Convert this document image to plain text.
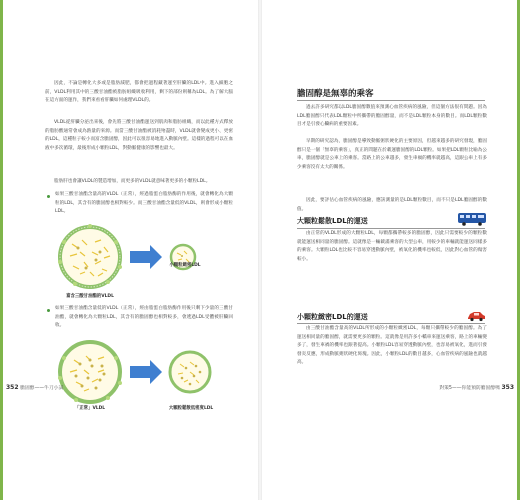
因此，不論是轉化大多或是脂肪減肥，都會把過程藏著運至肝臟的LDL中。進入細胞之前，VLDL利用其中的三酸甘油酯被脂肪組織吸收利用，剩下的部份則稱為LDL。為了解大腦在這方面的運作，我們來看看肝臟如何處理VLDL的。

VLDL從肝臟分泌出來後，會先將三酸甘油酯運送到肌肉和脂肪組織，而以此種方式釋放的脂肪酸通常會成為熱量的來源。而當三酸甘油酯被消耗殆盡時，VLDL就會變成更小、更密的LDL，這種粒子較小而富含膽固醇，因此可以很容易地進入動脈內壁。這樣的過程可以在血液中多次循環，最後形成小顆粒LDL，對動脈健康的影響也最大。

脂肪肝也會讓VLDL的製造增加，而更多的VLDL就意味著更多的小顆粒LDL。

如果三酸甘油酯含量高的VLDL（正常），經過脂蛋白脂肪酶的作用後，就會轉化為大顆粒的LDL，其含有的膽固醇也相對較少。而三酸甘油酯含量低的VLDL，則會形成小顆粒LDL。

富含三酸甘油酯的VLDL
小顆粒緻密LDL

如果三酸甘油酯含量低的VLDL（正常），經由脂蛋白脂肪酶作用後只剩下少量的三酸甘油酯，就會轉化為大顆粒LDL，其含有的膽固醇也相對較多，會透過LDL受體被肝臟回收。

「正常」VLDL	大顆粒鬆散低密度LDL
膽固醇是無辜的乘客

過去許多研究都以LDL膽固醇數值來預測心血管疾病的風險，但這個方法很有問題。因為LDL膽固醇只代表LDL顆粒中所攜帶的膽固醇量，而不是LDL顆粒本身的數目。而LDL顆粒數目才是引發心臟病的重要因素。

早期的研究認為，膽固醇是導致動脈粥狀硬化的主要原因，但越來越多的研究發現，膽固醇只是一個「無辜的乘客」，真正的問題在於載運膽固醇的LDL顆粒。如果把LDL顆粒比喻為公車，膽固醇就是公車上的乘客。當路上的公車越多，發生車禍的機率就越高，這跟公車上有多少乘客沒有太大的關係。

因此，要評估心血管疾病的風險，應該測量的是LDL顆粒數目，而不只是LDL膽固醇的數值。

大顆粒鬆散LDL的運送

由正常的VLDL形成的大顆粒LDL，每顆都攜帶較多的膽固醇，因此只需要較少的顆粒數就能運送相同量的膽固醇。這就像是一輛載滿乘客的大型公車，用較少的車輛就能運送同樣多的乘客。大顆粒LDL也比較不容易穿透動脈內壁，被氧化的機率也較低，因此對心血管的傷害較小。

小顆粒緻密LDL的運送

由三酸甘油酯含量高的VLDL所形成的小顆粒緻密LDL，每顆只攜帶較少的膽固醇。為了運送相同量的膽固醇，就需要更多的顆粒。這就像是用許多小轎車來運送乘客，路上的車輛變多了，發生車禍的機率也跟著提高。小顆粒LDL容易穿透動脈內壁，也容易被氧化，進而引發發炎反應，形成動脈粥狀硬化斑塊。因此，小顆粒LDL的數目越多，心血管疾病的風險也就越高。

352 膽固醇——牛刀小試	對策5——你能預防膽固醇嗎 353
